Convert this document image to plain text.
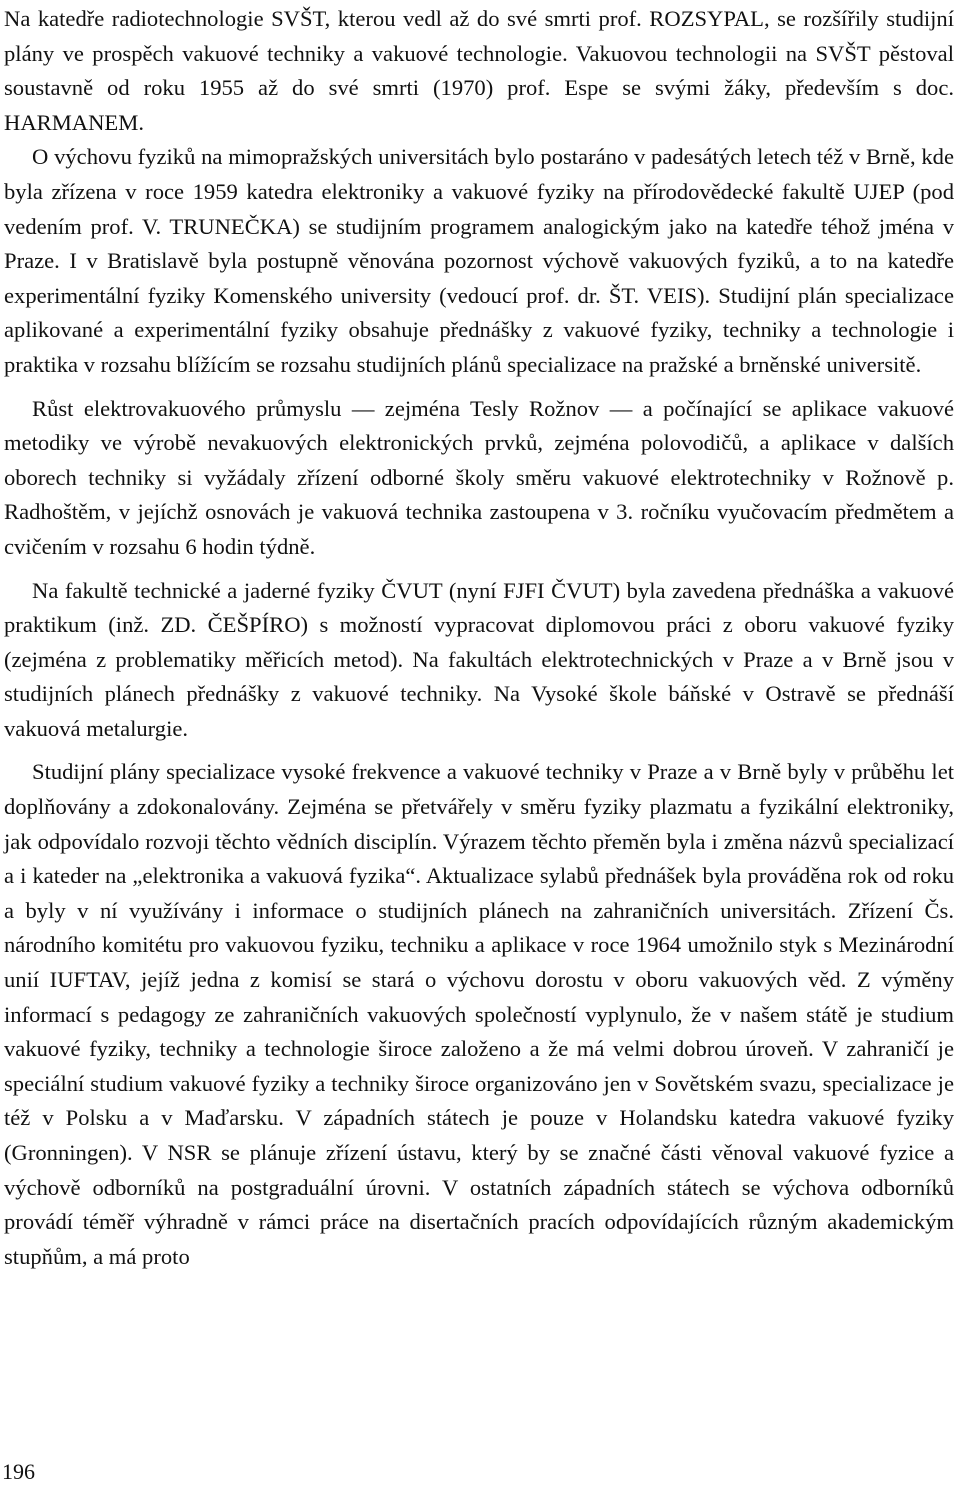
Na katedře radiotechnologie SVŠT, kterou vedl až do své smrti prof. ROZSYPAL, se rozšířily studijní plány ve prospěch vakuové techniky a vakuové technologie. Vakuovou technologii na SVŠT pěstoval soustavně od roku 1955 až do své smrti (1970) prof. Espe se svými žáky, především s doc. HARMANEM.

O výchovu fyziků na mimopražských universitách bylo postaráno v padesátých letech též v Brně, kde byla zřízena v roce 1959 katedra elektroniky a vakuové fyziky na přírodovědecké fakultě UJEP (pod vedením prof. V. TRUNEČKA) se studijním programem analogickým jako na katedře téhož jména v Praze. I v Bratislavě byla postupně věnována pozornost výchově vakuových fyziků, a to na katedře experimentální fyziky Komenského university (vedoucí prof. dr. ŠT. VEIS). Studijní plán specializace aplikované a experimentální fyziky obsahuje přednášky z vakuové fyziky, techniky a technologie i praktika v rozsahu blížícím se rozsahu studijních plánů specializace na pražské a brněnské universitě.

Růst elektrovakuového průmyslu — zejména Tesly Rožnov — a počínající se aplikace vakuové metodiky ve výrobě nevakuových elektronických prvků, zejména polovodičů, a aplikace v dalších oborech techniky si vyžádaly zřízení odborné školy směru vakuové elektrotechniky v Rožnově p. Radhoštěm, v jejíchž osnovách je vakuová technika zastoupena v 3. ročníku vyučovacím předmětem a cvičením v rozsahu 6 hodin týdně.

Na fakultě technické a jaderné fyziky ČVUT (nyní FJFI ČVUT) byla zavedena přednáška a vakuové praktikum (inž. ZD. ČEŠPÍRO) s možností vypracovat diplomovou práci z oboru vakuové fyziky (zejména z problematiky měřicích metod). Na fakultách elektrotechnických v Praze a v Brně jsou v studijních plánech přednášky z vakuové techniky. Na Vysoké škole báňské v Ostravě se přednáší vakuová metalurgie.

Studijní plány specializace vysoké frekvence a vakuové techniky v Praze a v Brně byly v průběhu let doplňovány a zdokonalovány. Zejména se přetvářely v směru fyziky plazmatu a fyzikální elektroniky, jak odpovídalo rozvoji těchto vědních disciplín. Výrazem těchto přeměn byla i změna názvů specializací a i kateder na „elektronika a vakuová fyzika“. Aktualizace sylabů přednášek byla prováděna rok od roku a byly v ní využívány i informace o studijních plánech na zahraničních universitách. Zřízení Čs. národního komitétu pro vakuovou fyziku, techniku a aplikace v roce 1964 umožnilo styk s Mezinárodní unií IUFTAV, jejíž jedna z komisí se stará o výchovu dorostu v oboru vakuových věd. Z výměny informací s pedagogy ze zahraničních vakuových společností vyplynulo, že v našem státě je studium vakuové fyziky, techniky a technologie široce založeno a že má velmi dobrou úroveň. V zahraničí je speciální studium vakuové fyziky a techniky široce organizováno jen v Sovětském svazu, specializace je též v Polsku a v Maďarsku. V západních státech je pouze v Holandsku katedra vakuové fyziky (Gronningen). V NSR se plánuje zřízení ústavu, který by se značné části věnoval vakuové fyzice a výchově odborníků na postgraduální úrovni. V ostatních západních státech se výchova odborníků provádí téměř výhradně v rámci práce na disertačních pracích odpovídajících různým akademickým stupňům, a má proto

196
